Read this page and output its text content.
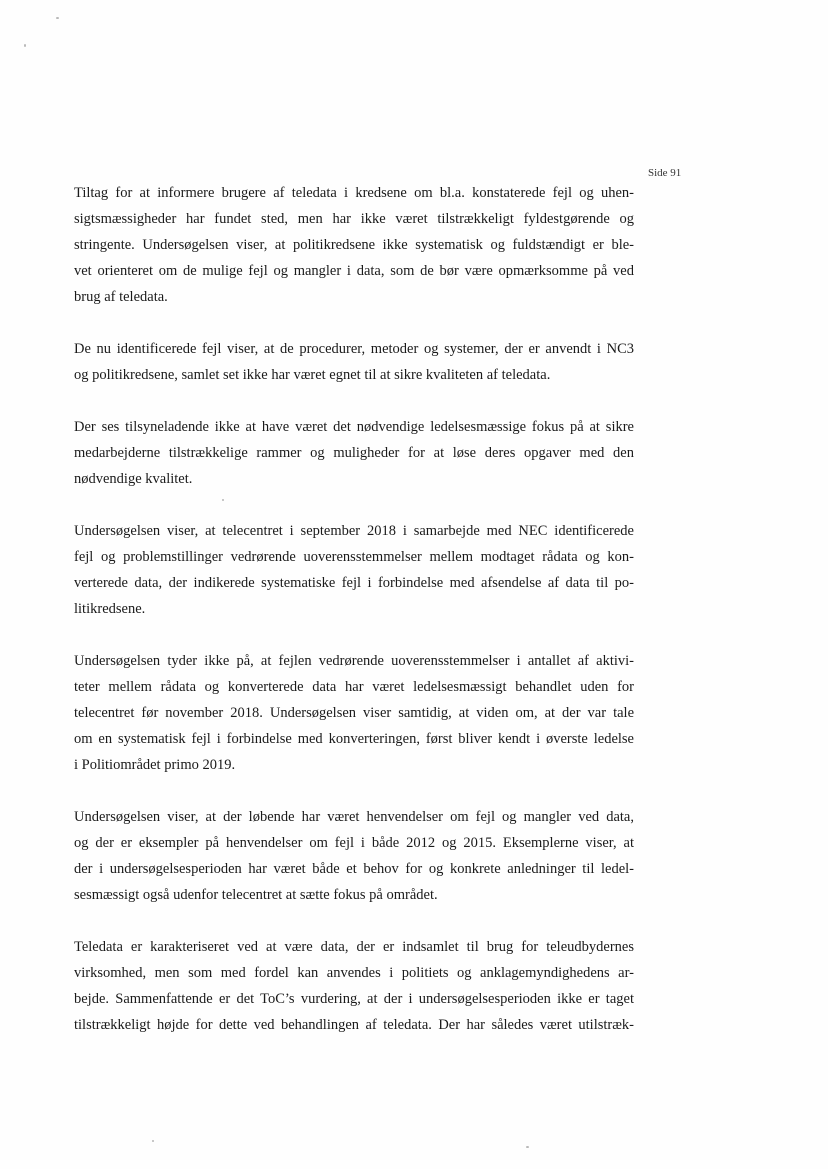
Side 91

Tiltag for at informere brugere af teledata i kredsene om bl.a. konstaterede fejl og uhen-
sigtsmæssigheder har fundet sted, men har ikke været tilstrækkeligt fyldestgørende og
stringente. Undersøgelsen viser, at politikredsene ikke systematisk og fuldstændigt er ble-
vet orienteret om de mulige fejl og mangler i data, som de bør være opmærksomme på ved
brug af teledata.

De nu identificerede fejl viser, at de procedurer, metoder og systemer, der er anvendt i NC3
og politikredsene, samlet set ikke har været egnet til at sikre kvaliteten af teledata.

Der ses tilsyneladende ikke at have været det nødvendige ledelsesmæssige fokus på at sikre
medarbejderne tilstrækkelige rammer og muligheder for at løse deres opgaver med den
nødvendige kvalitet.

Undersøgelsen viser, at telecentret i september 2018 i samarbejde med NEC identificerede
fejl og problemstillinger vedrørende uoverensstemmelser mellem modtaget rådata og kon-
verterede data, der indikerede systematiske fejl i forbindelse med afsendelse af data til po-
litikredsene.

Undersøgelsen tyder ikke på, at fejlen vedrørende uoverensstemmelser i antallet af aktivi-
teter mellem rådata og konverterede data har været ledelsesmæssigt behandlet uden for
telecentret før november 2018. Undersøgelsen viser samtidig, at viden om, at der var tale
om en systematisk fejl i forbindelse med konverteringen, først bliver kendt i øverste ledelse
i Politiområdet primo 2019.

Undersøgelsen viser, at der løbende har været henvendelser om fejl og mangler ved data,
og der er eksempler på henvendelser om fejl i både 2012 og 2015. Eksemplerne viser, at
der i undersøgelsesperioden har været både et behov for og konkrete anledninger til ledel-
sesmæssigt også udenfor telecentret at sætte fokus på området.

Teledata er karakteriseret ved at være data, der er indsamlet til brug for teleudbydernes
virksomhed, men som med fordel kan anvendes i politiets og anklagemyndighedens ar-
bejde. Sammenfattende er det ToC’s vurdering, at der i undersøgelsesperioden ikke er taget
tilstrækkeligt højde for dette ved behandlingen af teledata. Der har således været utilstræk-
